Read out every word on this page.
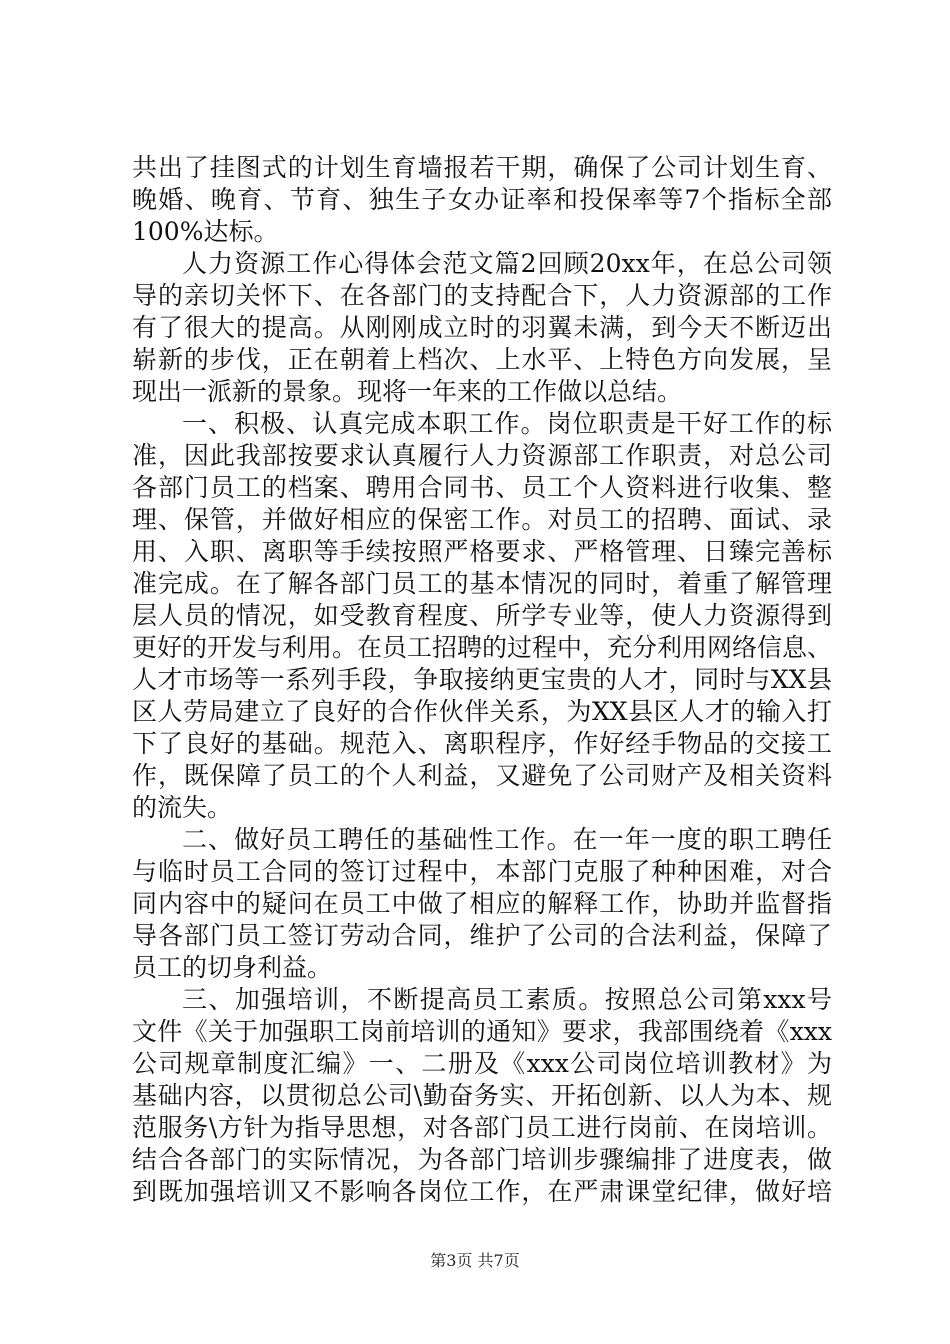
共出了挂图式的计划生育墙报若干期，确保了公司计划生育、
晚婚、晚育、节育、独生子女办证率和投保率等7个指标全部
100%达标。
人力资源工作心得体会范文篇2回顾20xx年，在总公司领
导的亲切关怀下、在各部门的支持配合下，人力资源部的工作
有了很大的提高。从刚刚成立时的羽翼未满，到今天不断迈出
崭新的步伐，正在朝着上档次、上水平、上特色方向发展，呈
现出一派新的景象。现将一年来的工作做以总结。
一、积极、认真完成本职工作。岗位职责是干好工作的标
准，因此我部按要求认真履行人力资源部工作职责，对总公司
各部门员工的档案、聘用合同书、员工个人资料进行收集、整
理、保管，并做好相应的保密工作。对员工的招聘、面试、录
用、入职、离职等手续按照严格要求、严格管理、日臻完善标
准完成。在了解各部门员工的基本情况的同时，着重了解管理
层人员的情况，如受教育程度、所学专业等，使人力资源得到
更好的开发与利用。在员工招聘的过程中，充分利用网络信息、
人才市场等一系列手段，争取接纳更宝贵的人才，同时与XX县
区人劳局建立了良好的合作伙伴关系，为XX县区人才的输入打
下了良好的基础。规范入、离职程序，作好经手物品的交接工
作，既保障了员工的个人利益，又避免了公司财产及相关资料
的流失。
二、做好员工聘任的基础性工作。在一年一度的职工聘任
与临时员工合同的签订过程中，本部门克服了种种困难，对合
同内容中的疑问在员工中做了相应的解释工作，协助并监督指
导各部门员工签订劳动合同，维护了公司的合法利益，保障了
员工的切身利益。
三、加强培训，不断提高员工素质。按照总公司第xxx号
文件《关于加强职工岗前培训的通知》要求，我部围绕着《xxx
公司规章制度汇编》一、二册及《xxx公司岗位培训教材》为
基础内容，以贯彻总公司\勤奋务实、开拓创新、以人为本、规
范服务\方针为指导思想，对各部门员工进行岗前、在岗培训。
结合各部门的实际情况，为各部门培训步骤编排了进度表，做
到既加强培训又不影响各岗位工作，在严肃课堂纪律，做好培
第3页 共7页
